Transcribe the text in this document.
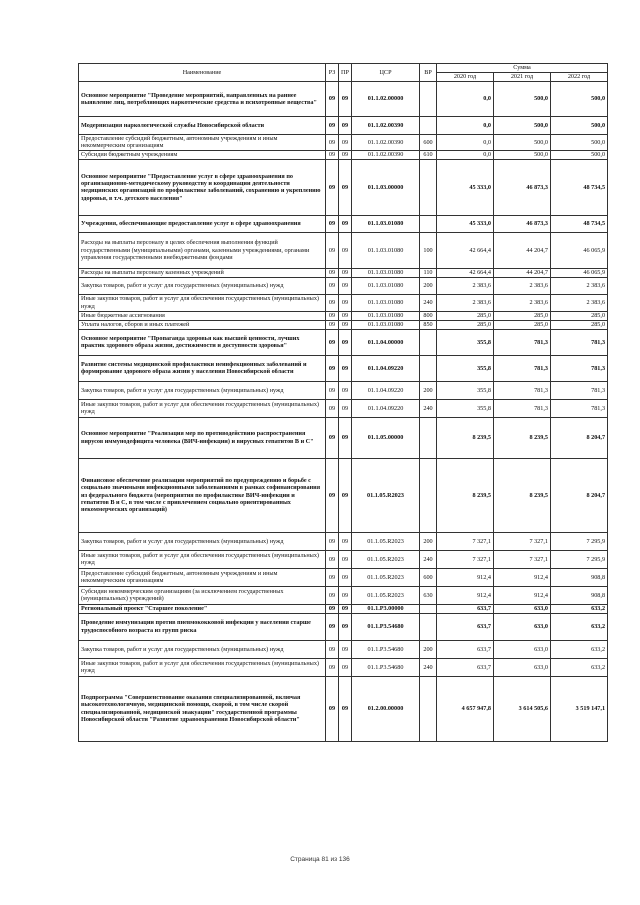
Наименование	РЗ	ПР	ЦСР	ВР	Сумма		
					2020 год	2021 год	2022 год
Основное мероприятие "Проведение мероприятий, направленных на раннее выявление лиц, потребляющих наркотические средства и психотропные вещества"	09	09	01.1.02.00000		0,0	500,0	500,0
Модернизация наркологической службы Новосибирской области	09	09	01.1.02.00390		0,0	500,0	500,0
Предоставление субсидий бюджетным, автономным учреждениям и иным некоммерческим организациям	09	09	01.1.02.00390	600	0,0	500,0	500,0
Субсидии бюджетным учреждениям	09	09	01.1.02.00390	610	0,0	500,0	500,0
Основное мероприятие "Предоставление услуг в сфере здравоохранения по организационно-методическому руководству и координации деятельности медицинских организаций по профилактике заболеваний, сохранению и укреплению здоровья, в т.ч. детского населения"	09	09	01.1.03.00000		45 333,0	46 873,3	48 734,5
Учреждения, обеспечивающие предоставление услуг в сфере здравоохранения	09	09	01.1.03.01080		45 333,0	46 873,3	48 734,5
Расходы на выплаты персоналу в целях обеспечения выполнения функций государственными (муниципальными) органами, казенными учреждениями, органами управления государственными внебюджетными фондами	09	09	01.1.03.01080	100	42 664,4	44 204,7	46 065,9
Расходы на выплаты персоналу казенных учреждений	09	09	01.1.03.01080	110	42 664,4	44 204,7	46 065,9
Закупка товаров, работ и услуг для государственных (муниципальных) нужд	09	09	01.1.03.01080	200	2 383,6	2 383,6	2 383,6
Иные закупки товаров, работ и услуг для обеспечения государственных (муниципальных) нужд	09	09	01.1.03.01080	240	2 383,6	2 383,6	2 383,6
Иные бюджетные ассигнования	09	09	01.1.03.01080	800	285,0	285,0	285,0
Уплата налогов, сборов и иных платежей	09	09	01.1.03.01080	850	285,0	285,0	285,0
Основное мероприятие "Пропаганда здоровья как высшей ценности, лучших практик здорового образа жизни, достижимости и доступности здоровья"	09	09	01.1.04.00000		355,8	781,3	781,3
Развитие системы медицинской профилактики неинфекционных заболеваний и формирование здорового образа жизни у населения Новосибирской области	09	09	01.1.04.09220		355,8	781,3	781,3
Закупка товаров, работ и услуг для государственных (муниципальных) нужд	09	09	01.1.04.09220	200	355,8	781,3	781,3
Иные закупки товаров, работ и услуг для обеспечения государственных (муниципальных) нужд	09	09	01.1.04.09220	240	355,8	781,3	781,3
Основное мероприятие "Реализация мер по противодействию распространения вирусов иммунодефицита человека (ВИЧ-инфекции) и вирусных гепатитов В и С"	09	09	01.1.05.00000		8 239,5	8 239,5	8 204,7
Финансовое обеспечение реализации мероприятий по предупреждению и борьбе с социально значимыми инфекционными заболеваниями в рамках софинансирования из федерального бюджета (мероприятия по профилактике ВИЧ-инфекции и гепатитов В и С, в том числе с привлечением социально ориентированных некоммерческих организаций)	09	09	01.1.05.R2023		8 239,5	8 239,5	8 204,7
Закупка товаров, работ и услуг для государственных (муниципальных) нужд	09	09	01.1.05.R2023	200	7 327,1	7 327,1	7 295,9
Иные закупки товаров, работ и услуг для обеспечения государственных (муниципальных) нужд	09	09	01.1.05.R2023	240	7 327,1	7 327,1	7 295,9
Предоставление субсидий бюджетным, автономным учреждениям и иным некоммерческим организациям	09	09	01.1.05.R2023	600	912,4	912,4	908,8
Субсидии некоммерческим организациям (за исключением государственных (муниципальных) учреждений)	09	09	01.1.05.R2023	630	912,4	912,4	908,8
Региональный проект "Старшее поколение"	09	09	01.1.P3.00000		633,7	633,0	633,2
Проведение иммунизации против пневмококковой инфекции у населения старше трудоспособного возраста из групп риска	09	09	01.1.P3.54680		633,7	633,0	633,2
Закупка товаров, работ и услуг для государственных (муниципальных) нужд	09	09	01.1.P3.54680	200	633,7	633,0	633,2
Иные закупки товаров, работ и услуг для обеспечения государственных (муниципальных) нужд	09	09	01.1.P3.54680	240	633,7	633,0	633,2
Подпрограмма "Совершенствование оказания специализированной, включая высокотехнологичную, медицинской помощи, скорой, в том числе скорой специализированной, медицинской эвакуации" государственной программы Новосибирской области "Развитие здравоохранения Новосибирской области"	09	09	01.2.00.00000		4 657 947,8	3 614 505,6	3 519 147,1
Страница 81 из 136
